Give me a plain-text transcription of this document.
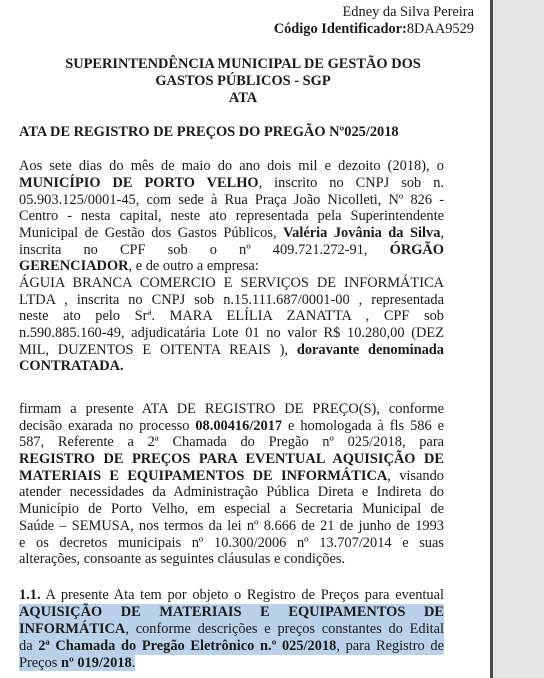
Edney da Silva Pereira
Código Identificador:8DAA9529
SUPERINTENDÊNCIA MUNICIPAL DE GESTÃO DOS
GASTOS PÚBLICOS - SGP
ATA
ATA DE REGISTRO DE PREÇOS DO PREGÃO Nº025/2018
Aos sete dias do mês de maio do ano dois mil e dezoito (2018), o
MUNICÍPIO DE PORTO VELHO, inscrito no CNPJ sob n.
05.903.125/0001-45, com sede à Rua Praça João Nicolleti, Nº 826 -
Centro - nesta capital, neste ato representada pela Superintendente
Municipal de Gestão dos Gastos Públicos, Valéria Jovânia da Silva,
inscrita no CPF sob o nº 409.721.272-91, ÓRGÃO
GERENCIADOR, e de outro a empresa:
ÁGUIA BRANCA COMERCIO E SERVIÇOS DE INFORMÁTICA
LTDA , inscrita no CNPJ sob n.15.111.687/0001-00 , representada
neste ato pelo Srª. MARA ELÍLIA ZANATTA , CPF sob
n.590.885.160-49, adjudicatária Lote 01 no valor R$ 10.280,00 (DEZ
MIL, DUZENTOS E OITENTA REAIS ), doravante denominada
CONTRATADA.
firmam a presente ATA DE REGISTRO DE PREÇO(S), conforme
decisão exarada no processo 08.00416/2017 e homologada à fls 586 e
587, Referente a 2ª Chamada do Pregão nº 025/2018, para
REGISTRO DE PREÇOS PARA EVENTUAL AQUISIÇÃO DE
MATERIAIS E EQUIPAMENTOS DE INFORMÁTICA, visando
atender necessidades da Administração Pública Direta e Indireta do
Município de Porto Velho, em especial a Secretaria Municipal de
Saúde – SEMUSA, nos termos da lei nº 8.666 de 21 de junho de 1993
e os decretos municipais nº 10.300/2006 nº 13.707/2014 e suas
alterações, consoante as seguintes cláusulas e condições.
1.1. A presente Ata tem por objeto o Registro de Preços para eventual
AQUISIÇÃO DE MATERIAIS E EQUIPAMENTOS DE
INFORMÁTICA, conforme descrições e preços constantes do Edital
da 2ª Chamada do Pregão Eletrônico n.º 025/2018, para Registro de
Preços nº 019/2018.
